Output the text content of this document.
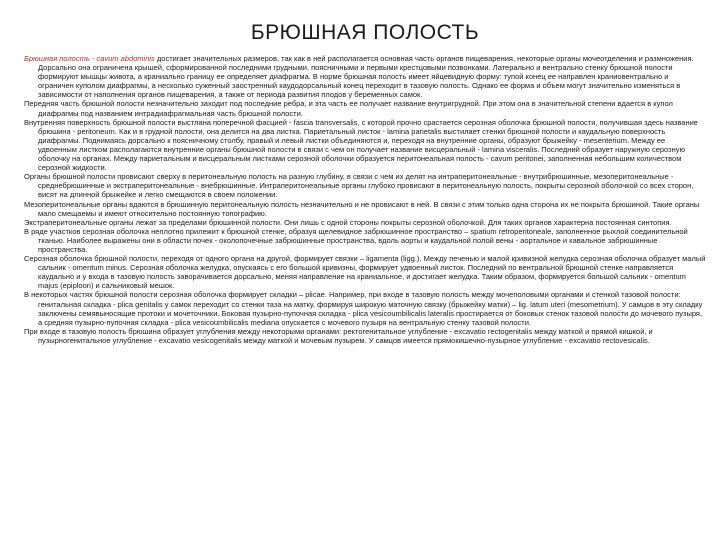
БРЮШНАЯ ПОЛОСТЬ

Брюшная полость - cavum abdominis достигает значительных размеров, так как в ней располагается основная часть органов пищеварения, некоторые органы мочеотделения и размножения. Дорсально она ограничена крышей, сформированной последними грудными, поясничными и первыми крестцовыми позвонками. Латерально и вентрально стенку брюшной полости формируют мышцы живота, а краниально границу ее определяет диафрагма. В норме брюшная полость имеет яйцевидную форму: тупой конец ее направлен краниовентрально и ограничен куполом диафрагмы, а несколько суженный заостренный каудодорсальный конец переходит в тазовую полость. Однако ее форма и объем могут значительно изменяться в зависимости от наполнения органов пищеварения, а также от периода развития плодов у беременных самок.

Передняя часть брюшной полости незначительно заходит под последние ребра, и эта часть ее получает название внутригрудной. При этом она в значительной степени вдается в купол диафрагмы под названием интрадиафрагмальная часть брюшной полости.

Внутренняя поверхность брюшной полости выстлана поперечной фасцией - fascia transversalis, с которой прочно срастается серозная оболочка брюшной полости, получившая здесь название брюшина - peritoneum. Как и в грудной полости, она делится на два листка. Париетальный листок - lamina parietalis выстилает стенки брюшной полости и каудальную поверхность диафрагмы. Поднимаясь дорсально к поясничному столбу, правый и левый листки объединяются и, переходя на внутренние органы, образуют брыжейку - mesenterium. Между ее удвоенным листком располагаются внутренние органы брюшной полости в связи с чем он получает название висцеральный - lamina visceralis. Последний образует наружную серозную оболочку на органах. Между париетальным и висцеральным листками серозной оболочки образуется перитонеальная полость - cavum peritonei, заполненная небольшим количеством серозной жидкости.

Органы брюшной полости провисают сверху в перитонеальную полость на разную глубину, в связи с чем их делят на интраперитонеальные - внутрибрюшинные, мезоперитонеальные - среднебрюшинные и экстраперитонеальные - внебрюшинные. Интраперитонеальные органы глубоко провисают в перитонеальную полость, покрыты серозной оболочкой со всех сторон, висят на длинной брыжейке и легко смещаются в своем положении.

Мезоперитонеальные органы вдаются в брюшинную перитонеальную полость незначительно и не провисают в ней. В связи с этим только одна сторона их не покрыта брюшиной. Такие органы мало смещаемы и имеют относительно постоянную топографию.

Экстраперитонеальные органы лежат за пределами брюшинной полости. Они лишь с одной стороны покрыты серозной оболочкой. Для таких органов характерна постоянная синтопия.

В ряде участков серозная оболочка неплотно прилежит к брюшной стенке, образуя щелевидное забрюшинное пространство – spatium retroperitoneale, заполненное рыхлой соединительной тканью. Наиболее выражены они в области почек - околопочечные забрюшинные пространства, вдоль аорты и каудальной полой вены - аортальное и кавальное забрюшинные пространства.

Серозная оболочка брюшной полости, переходя от одного органа на другой, формирует связки – ligamenta (ligg.). Между печенью и малой кривизной желудка серозная оболочка образует малый сальник - omentum minus. Серозная оболочка желудка, опускаясь с его большой кривизны, формирует удвоенный листок. Последний по вентральной брюшной стенке направляется каудально и у входа в тазовую полость заворачивается дорсально, меняя направление на краниальное, и достигает желудка. Таким образом, формируется большой сальник - omentum majus (epiploon) и сальниковый мешок.

В некоторых частях брюшной полости серозная оболочка формирует складки – plicae. Например, при входе в тазовую полость между мочеполовыми органами и стенкой тазовой полости: генитальная складка - plica genitalis у самок переходит со стенки таза на матку, формируя широкую маточную связку (брыжейку матки) – lig. latum uteri (mesometrium). У самцов в эту складку заключены семявыносящие протоки и мочеточники. Боковая пузырно-пупочная складка - plica vesicoumbilicalis lateralis простирается от боковых стенок тазовой полости до мочевого пузыря, а средняя пузырно-пупочная складка - plica vesicoumbilicalis mediana опускается с мочевого пузыря на вентральную стенку тазовой полости.

При входе в тазовую полость брюшина образует углубления между некоторыми органами: ректогенитальное углубление - excavatio rectogenitalis между маткой и прямой кишкой, и пузырногенитальное углубление - excavatio vesicogenitalis между маткой и мочевым пузырем. У самцов имеется прямокишечно-пузырное углубление - excavatio rectovesicalis.
